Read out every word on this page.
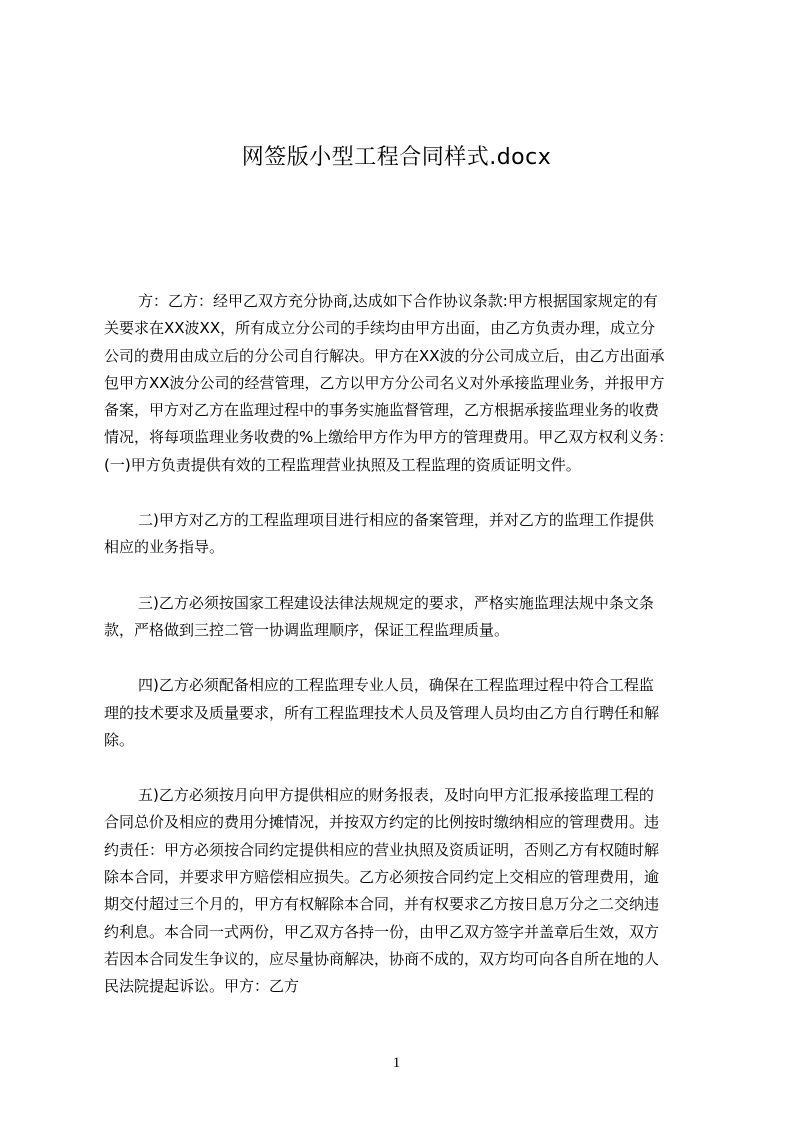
网签版小型工程合同样式.docx
方：乙方：经甲乙双方充分协商,达成如下合作协议条款:甲方根据国家规定的有
关要求在XX波XX，所有成立分公司的手续均由甲方出面，由乙方负责办理，成立分
公司的费用由成立后的分公司自行解决。甲方在XX波的分公司成立后，由乙方出面承
包甲方XX波分公司的经营管理，乙方以甲方分公司名义对外承接监理业务，并报甲方
备案，甲方对乙方在监理过程中的事务实施监督管理，乙方根据承接监理业务的收费
情况，将每项监理业务收费的%上缴给甲方作为甲方的管理费用。甲乙双方权利义务：
(一)甲方负责提供有效的工程监理营业执照及工程监理的资质证明文件。
二)甲方对乙方的工程监理项目进行相应的备案管理，并对乙方的监理工作提供
相应的业务指导。
三)乙方必须按国家工程建设法律法规规定的要求，严格实施监理法规中条文条
款，严格做到三控二管一协调监理顺序，保证工程监理质量。
四)乙方必须配备相应的工程监理专业人员，确保在工程监理过程中符合工程监
理的技术要求及质量要求，所有工程监理技术人员及管理人员均由乙方自行聘任和解
除。
五)乙方必须按月向甲方提供相应的财务报表，及时向甲方汇报承接监理工程的
合同总价及相应的费用分摊情况，并按双方约定的比例按时缴纳相应的管理费用。违
约责任：甲方必须按合同约定提供相应的营业执照及资质证明，否则乙方有权随时解
除本合同，并要求甲方赔偿相应损失。乙方必须按合同约定上交相应的管理费用，逾
期交付超过三个月的，甲方有权解除本合同，并有权要求乙方按日息万分之二交纳违
约利息。本合同一式两份，甲乙双方各持一份，由甲乙双方签字并盖章后生效，双方
若因本合同发生争议的，应尽量协商解决，协商不成的，双方均可向各自所在地的人
民法院提起诉讼。甲方：乙方
1
